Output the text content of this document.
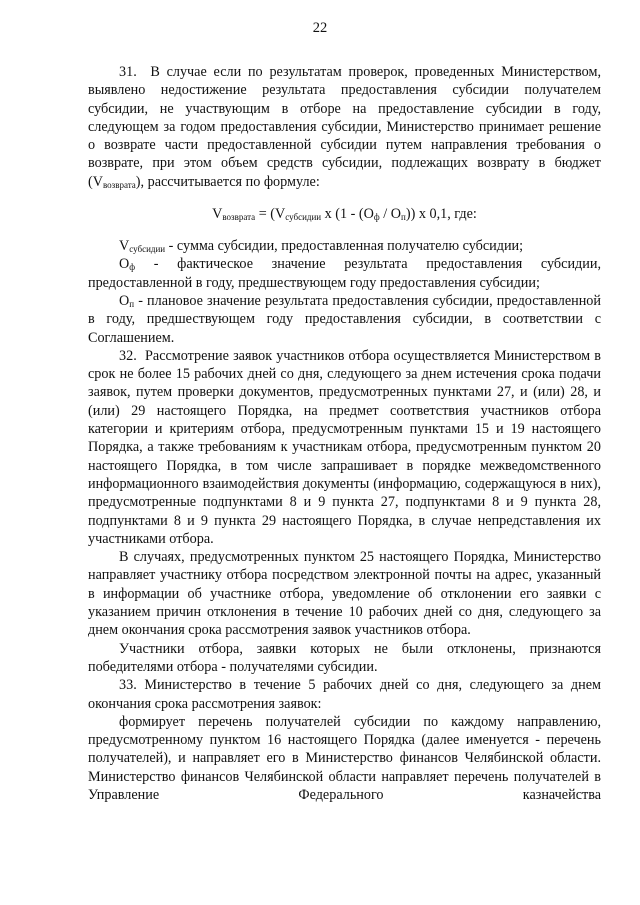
22

31.  В случае если по результатам проверок, проведенных Министерством, выявлено недостижение результата предоставления субсидии получателем субсидии, не участвующим в отборе на предоставление субсидии в году, следующем за годом предоставления субсидии, Министерство принимает решение о возврате части предоставленной субсидии путем направления требования о возврате, при этом объем средств субсидии, подлежащих возврату в бюджет $(V_{возврата})$, рассчитывается по формуле:

$V_{возврата} = (V_{субсидии}$ x $(1 - (O_ф / O_п))$ x 0,1, где:

$V_{субсидии}$ - сумма субсидии, предоставленная получателю субсидии;

$O_ф$ - фактическое значение результата предоставления субсидии, предоставленной в году, предшествующем году предоставления субсидии;

$O_п$ - плановое значение результата предоставления субсидии, предоставленной в году, предшествующем году предоставления субсидии, в соответствии с Соглашением.

32.  Рассмотрение заявок участников отбора осуществляется Министерством в срок не более 15 рабочих дней со дня, следующего за днем истечения срока подачи заявок, путем проверки документов, предусмотренных пунктами 27, и (или) 28, и (или) 29 настоящего Порядка, на предмет соответствия участников отбора категории и критериям отбора, предусмотренным пунктами 15 и 19 настоящего Порядка, а также требованиям к участникам отбора, предусмотренным пунктом 20 настоящего Порядка, в том числе запрашивает в порядке межведомственного информационного взаимодействия документы (информацию, содержащуюся в них), предусмотренные подпунктами 8 и 9 пункта 27, подпунктами 8 и 9 пункта 28, подпунктами 8 и 9 пункта 29 настоящего Порядка, в случае непредставления их участниками отбора.

В случаях, предусмотренных пунктом 25 настоящего Порядка, Министерство направляет участнику отбора посредством электронной почты на адрес, указанный в информации об участнике отбора, уведомление об отклонении его заявки с указанием причин отклонения в течение 10 рабочих дней со дня, следующего за днем окончания срока рассмотрения заявок участников отбора.

Участники отбора, заявки которых не были отклонены, признаются победителями отбора - получателями субсидии.

33. Министерство в течение 5 рабочих дней со дня, следующего за днем окончания срока рассмотрения заявок:

формирует перечень получателей субсидии по каждому направлению, предусмотренному пунктом 16 настоящего Порядка (далее именуется - перечень получателей), и направляет его в Министерство финансов Челябинской области. Министерство финансов Челябинской области направляет перечень получателей в Управление Федерального казначейства
